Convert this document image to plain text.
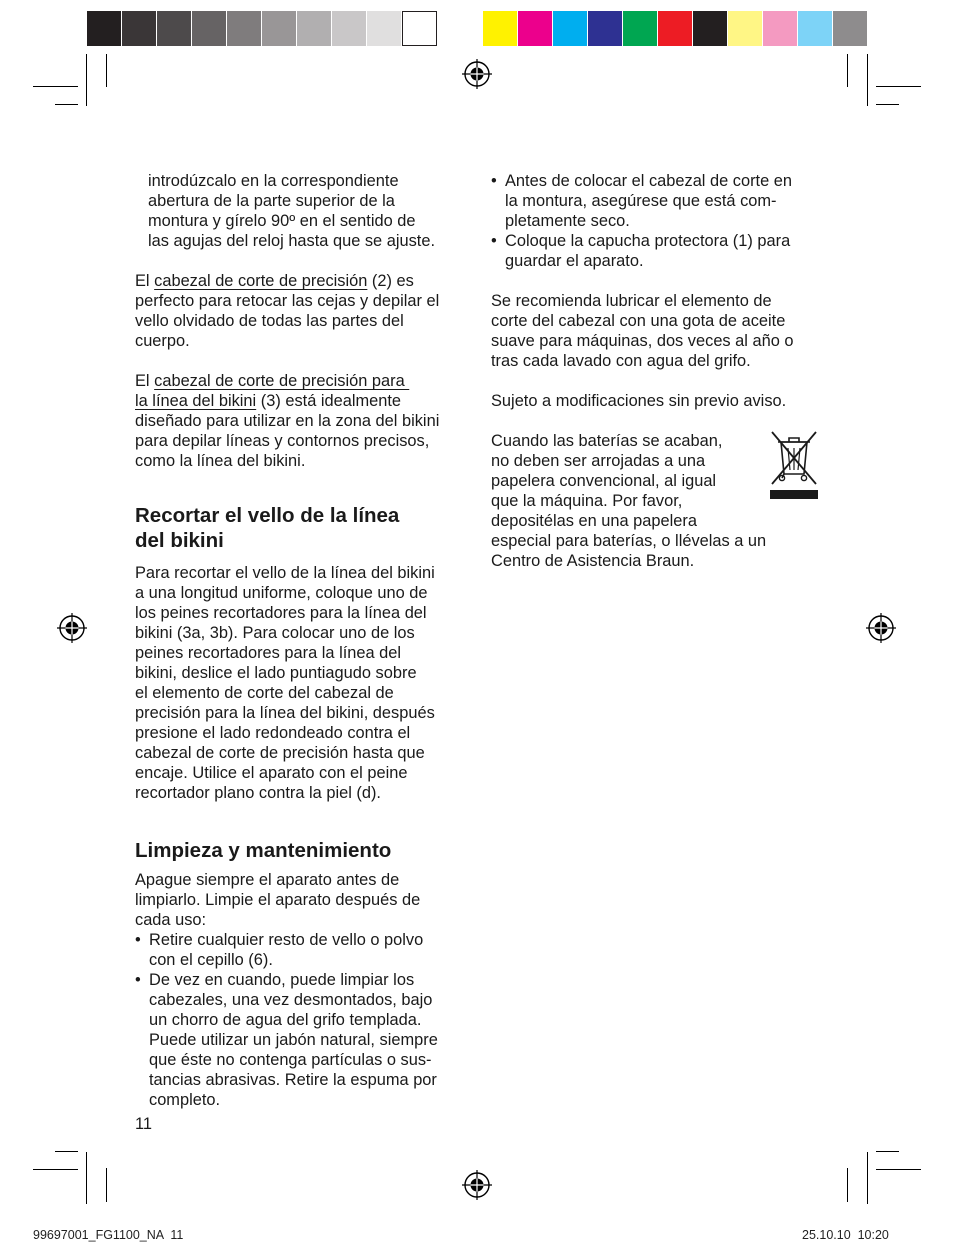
introdúzcalo en la correspondiente

abertura de la parte superior de la

montura y gírelo 90º en el sentido de

las agujas del reloj hasta que se ajuste.

El cabezal de corte de precisión (2) es

perfecto para retocar las cejas y depilar el

vello olvidado de todas las partes del

cuerpo.

El cabezal de corte de precisión para

la línea del bikini (3) está idealmente

diseñado para utilizar en la zona del bikini

para depilar líneas y contornos precisos,

como la línea del bikini.

Recortar el vello de la línea

del bikini

Para recortar el vello de la línea del bikini

a una longitud uniforme, coloque uno de

los peines recortadores para la línea del

bikini (3a, 3b). Para colocar uno de los

peines recortadores para la línea del

bikini, deslice el lado puntiagudo sobre

el elemento de corte del cabezal de

precisión para la línea del bikini, después

presione el lado redondeado contra el

cabezal de corte de precisión hasta que

encaje. Utilice el aparato con el peine

recortador plano contra la piel (d).

Limpieza y mantenimiento

Apague siempre el aparato antes de

limpiarlo. Limpie el aparato después de

cada uso:

• Retire cualquier resto de vello o polvo

con el cepillo (6).

• De vez en cuando, puede limpiar los

cabezales, una vez desmontados, bajo

un chorro de agua del grifo templada.

Puede utilizar un jabón natural, siempre

que éste no contenga partículas o sus-

tancias abrasivas. Retire la espuma por

completo.

11
• Antes de colocar el cabezal de corte en

la montura, asegúrese que está com-

pletamente seco.

• Coloque la capucha protectora (1) para

guardar el aparato.

Se recomienda lubricar el elemento de

corte del cabezal con una gota de aceite

suave para máquinas, dos veces al año o

tras cada lavado con agua del grifo.

Sujeto a modificaciones sin previo aviso.

Cuando las baterías se acaban,

no deben ser arrojadas a una

papelera convencional, al igual

que la máquina. Por favor,

depositélas en una papelera

especial para baterías, o llévelas a un

Centro de Asistencia Braun.

99697001_FG1100_NA  11	25.10.10  10:20
